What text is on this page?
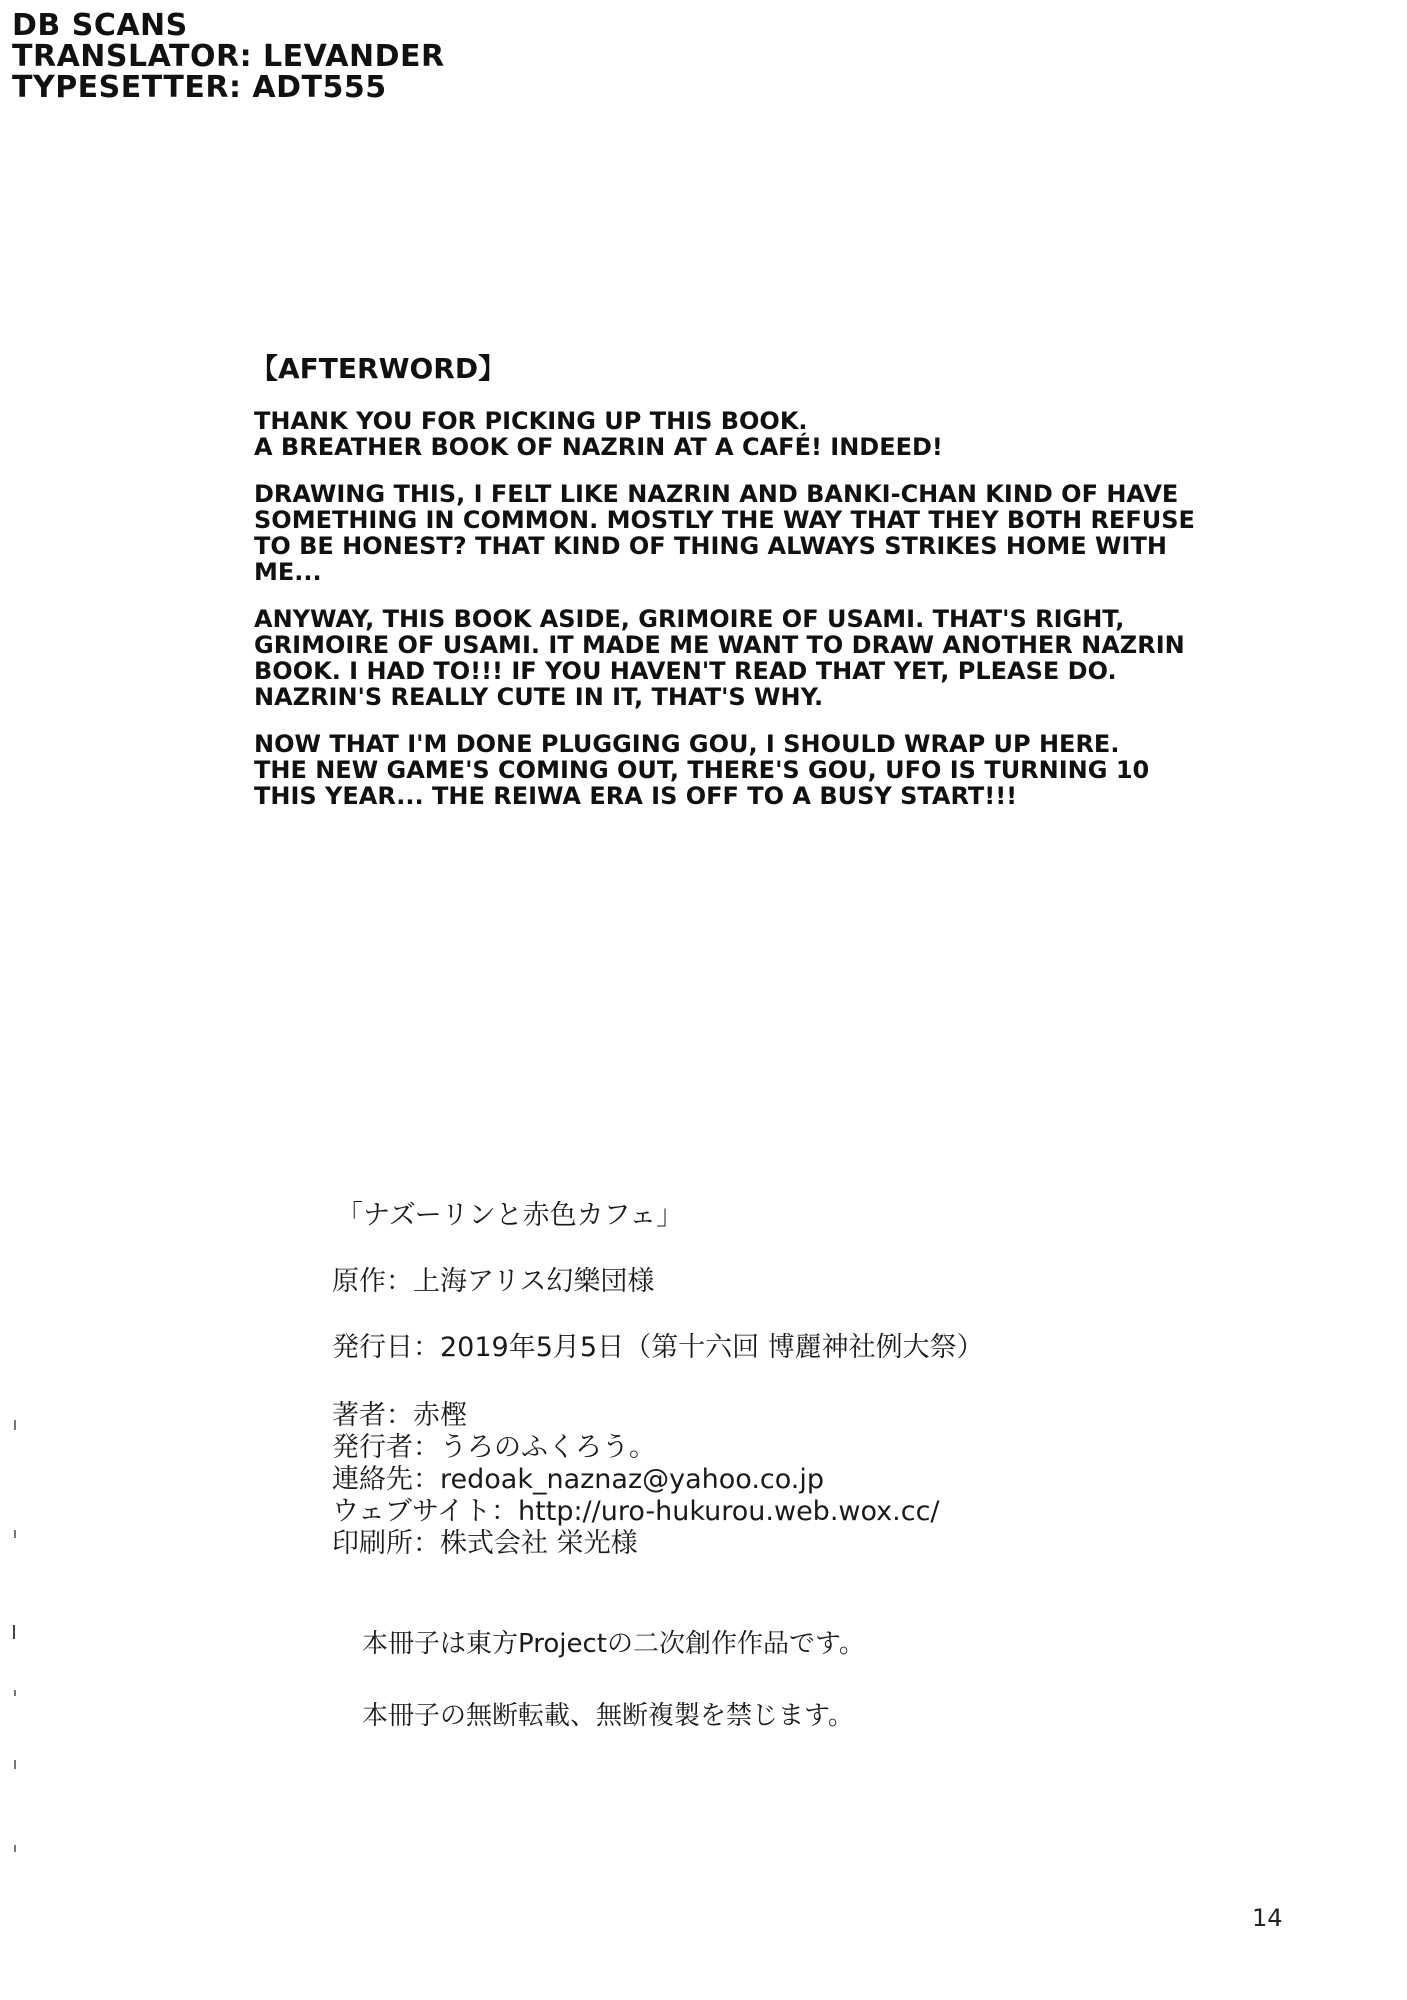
DB SCANS
TRANSLATOR: LEVANDER
TYPESETTER: ADT555
【AFTERWORD】
THANK YOU FOR PICKING UP THIS BOOK.
A BREATHER BOOK OF NAZRIN AT A CAFÉ! INDEED!
DRAWING THIS, I FELT LIKE NAZRIN AND BANKI-CHAN KIND OF HAVE
SOMETHING IN COMMON. MOSTLY THE WAY THAT THEY BOTH REFUSE
TO BE HONEST? THAT KIND OF THING ALWAYS STRIKES HOME WITH
ME...
ANYWAY, THIS BOOK ASIDE, GRIMOIRE OF USAMI. THAT'S RIGHT,
GRIMOIRE OF USAMI. IT MADE ME WANT TO DRAW ANOTHER NAZRIN
BOOK. I HAD TO!!! IF YOU HAVEN'T READ THAT YET, PLEASE DO.
NAZRIN'S REALLY CUTE IN IT, THAT'S WHY.
NOW THAT I'M DONE PLUGGING GOU, I SHOULD WRAP UP HERE.
THE NEW GAME'S COMING OUT, THERE'S GOU, UFO IS TURNING 10
THIS YEAR... THE REIWA ERA IS OFF TO A BUSY START!!!
「ナズーリンと赤色カフェ」
原作：上海アリス幻樂団様
発行日：2019年5月5日（第十六回 博麗神社例大祭）
著者：赤樫
発行者：うろのふくろう。
連絡先：redoak_naznaz@yahoo.co.jp
ウェブサイト：http://uro-hukurou.web.wox.cc/
印刷所：株式会社 栄光様
本冊子は東方Projectの二次創作作品です。
本冊子の無断転載、無断複製を禁じます。
14
